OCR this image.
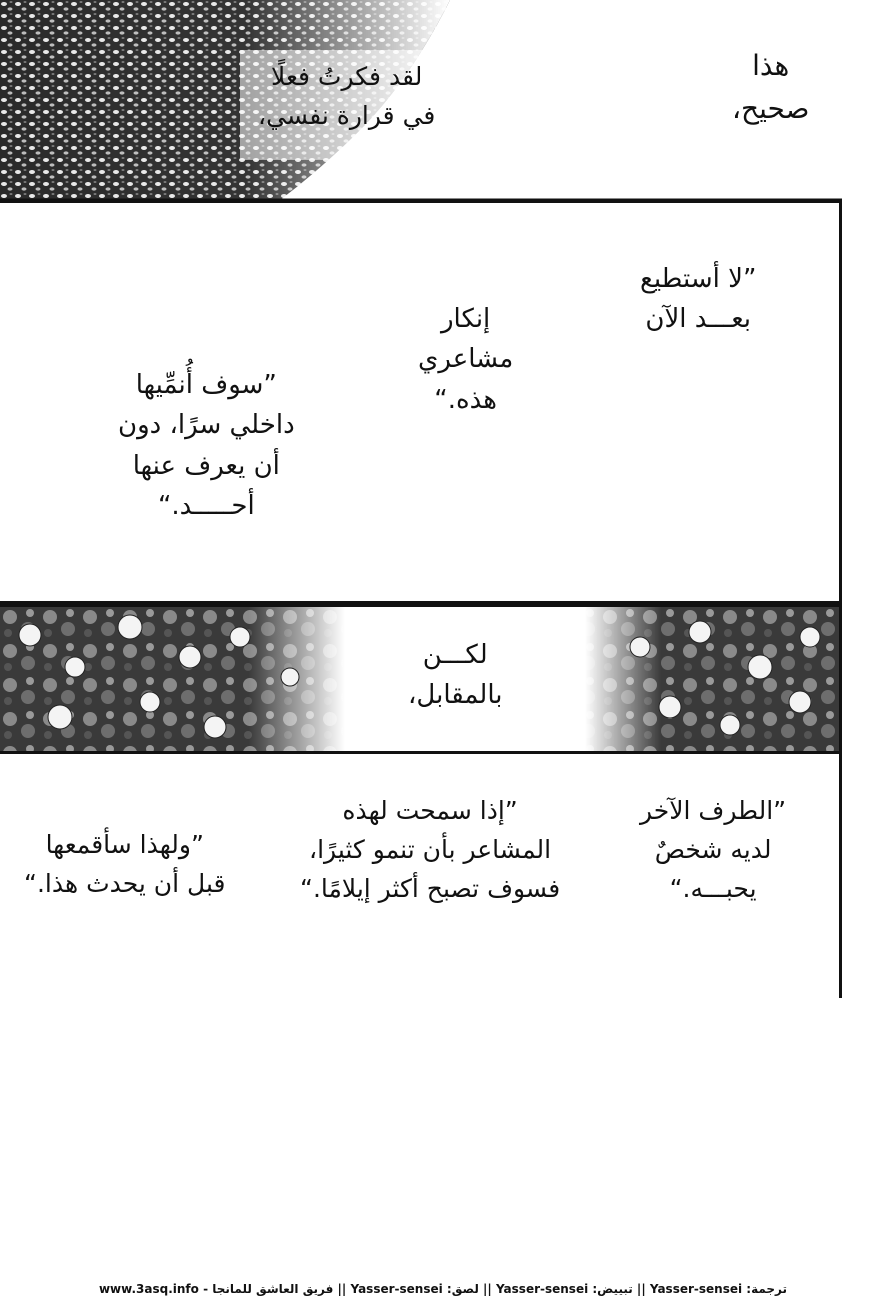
لقد فكرتُ فعلًا
في قرارة نفسي،
هذا
صحيح،
”لا أستطيع
بعـــد الآن
إنكار
مشاعري
هذه.“
”سوف أُنمِّيها
داخلي سرًا، دون
أن يعرف عنها
أحـــــد.“
لكـــن
بالمقابل،
”الطرف الآخر
لديه شخصٌ
يحبـــه.“
”إذا سمحت لهذه
المشاعر بأن تنمو كثيرًا،
فسوف تصبح أكثر إيلامًا.“
”ولهذا سأقمعها
قبل أن يحدث هذا.“
ترجمة: Yasser-sensei || تبييض: Yasser-sensei || لصق: Yasser-sensei || فريق العاشق للمانجا - www.3asq.info
